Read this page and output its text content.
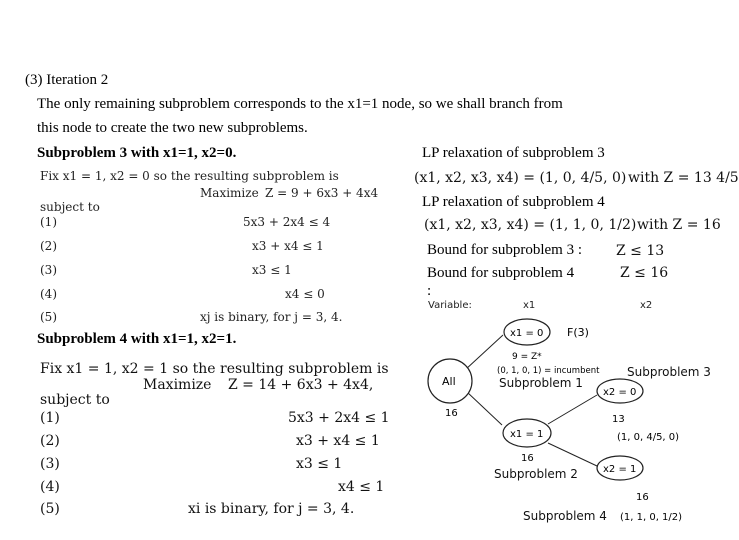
(3) Iteration 2
The only remaining subproblem corresponds to the x1=1 node, so we shall branch from
this node to create the two new subproblems.
Subproblem 3 with x1=1, x2=0.
Fix x1 = 1, x2 = 0 so the resulting subproblem is
Maximize Z = 9 + 6x3 + 4x4
subject to
(1)	5x3 + 2x4 ≤ 4
(2)	x3 + x4 ≤ 1
(3)	x3 ≤ 1
(4)	x4 ≤ 0
(5)	xj is binary, for j = 3, 4.
LP relaxation of subproblem 3
(x1, x2, x3, x4) = (1, 0, 4/5, 0) with Z = 13 4/5
LP relaxation of subproblem 4
(x1, x2, x3, x4) = (1, 1, 0, 1/2) with Z = 16
Bound for subproblem 3 : Z ≤ 13
Bound for subproblem 4	Z ≤ 16
:
Subproblem 4 with x1=1, x2=1.
Fix x1 = 1, x2 = 1 so the resulting subproblem is
Maximize Z = 14 + 6x3 + 4x4,
subject to
(1)	5x3 + 2x4 ≤ 1
(2)	x3 + x4 ≤ 1
(3)	x3 ≤ 1
(4)	x4 ≤ 1
(5)	xi is binary, for j = 3, 4.
Variable:	x1	x2
All
16
x1 = 0 F(3)
9 = Z*
(0, 1, 0, 1) = incumbent
x1 = 1
16
x2 = 0
13
(1, 0, 4/5, 0)
x2 = 1
16
(1, 1, 0, 1/2)
Subproblem 1
Subproblem 3
Subproblem 2
Subproblem 4
